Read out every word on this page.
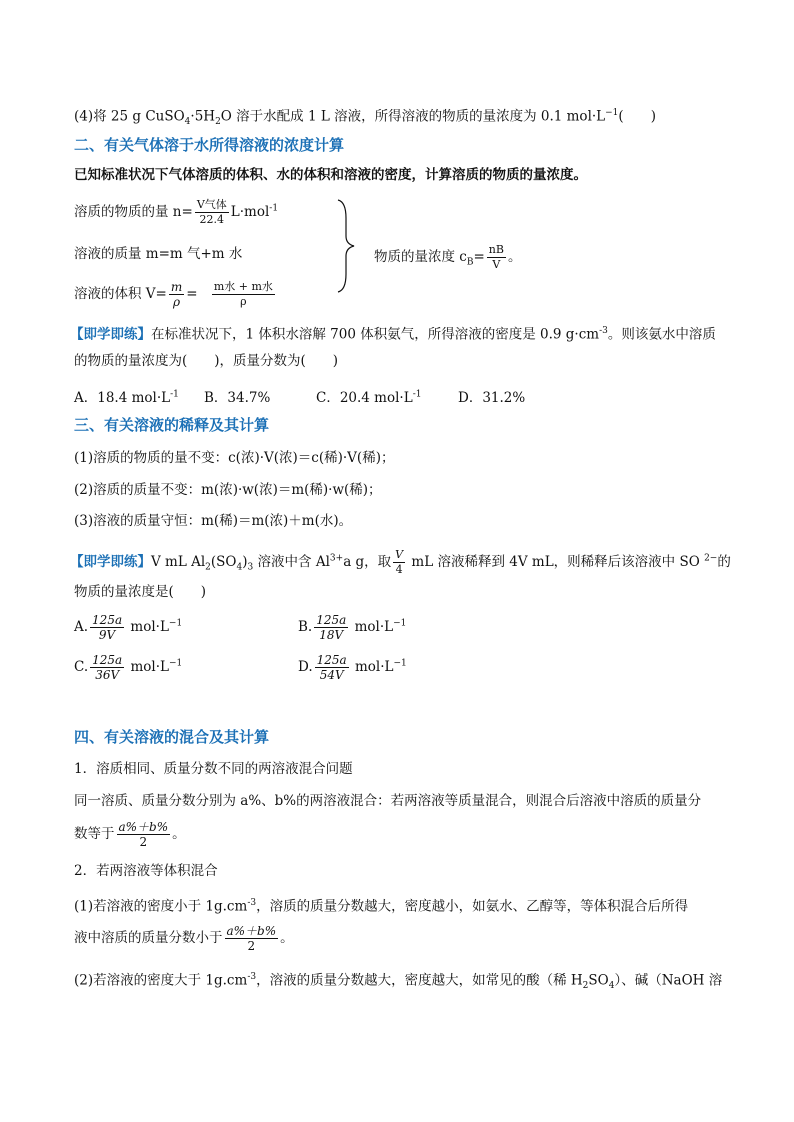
(4)将 25 g $CuSO_4\cdot 5H_2O$ 溶于水配成 1 L 溶液，所得溶液的物质的量浓度为 0.1 $mol\cdot L^{-1}$(　　)
二、有关气体溶于水所得溶液的浓度计算
已知标准状况下气体溶质的体积、水的体积和溶液的密度，计算溶质的物质的量浓度。
溶质的物质的量 $n= \frac{\text{V气体}}{22.4} L\cdot mol^{-1}$
溶液的质量 m=m 气+m 水
溶液的体积 $V= \frac{m}{\rho} = \frac{\text{m水 + m水}}{\rho}$
物质的量浓度 $c_B= \frac{nB}{V}$ 。
【即学即练】在标准状况下，1 体积水溶解 700 体积氨气，所得溶液的密度是 0.9 $g\cdot cm^{-3}$。则该氨水中溶质
的物质的量浓度为(　　)，质量分数为(　　)
A．18.4 $mol\cdot L^{-1}$ B．34.7%	C．20.4 $mol\cdot L^{-1}$	D．31.2%
三、有关溶液的稀释及其计算
(1)溶质的物质的量不变：c(浓)·V(浓)＝c(稀)·V(稀)；
(2)溶质的质量不变：m(浓)·w(浓)＝m(稀)·w(稀)；
(3)溶液的质量守恒：m(稀)＝m(浓)＋m(水)。
【即学即练】V mL $Al_2(SO_4)_3$ 溶液中含 $Al^{3+}a$ g，取 $\frac{V}{4}$ mL 溶液稀释到 4V mL，则稀释后该溶液中 SO $^{2-}$的
物质的量浓度是(　　)
A. $\frac{125a}{9V} mol\cdot L^{-1}$	B. $\frac{125a}{18V} mol\cdot L^{-1}$
C. $\frac{125a}{36V} mol\cdot L^{-1}$	D. $\frac{125a}{54V} mol\cdot L^{-1}$
四、有关溶液的混合及其计算
1．溶质相同、质量分数不同的两溶液混合问题
同一溶质、质量分数分别为 a%、b%的两溶液混合：若两溶液等质量混合，则混合后溶液中溶质的质量分
数等于 $\frac{a\%+b\%}{2}$ 。
2．若两溶液等体积混合
(1)若溶液的密度小于 $1g.cm^{-3}$，溶质的质量分数越大，密度越小，如氨水、乙醇等，等体积混合后所得
液中溶质的质量分数小于 $\frac{a\%+b\%}{2}$ 。
(2)若溶液的密度大于 $1g.cm^{-3}$，溶液的质量分数越大，密度越大，如常见的酸（稀 $H_2SO_4$）、碱（NaOH 溶
